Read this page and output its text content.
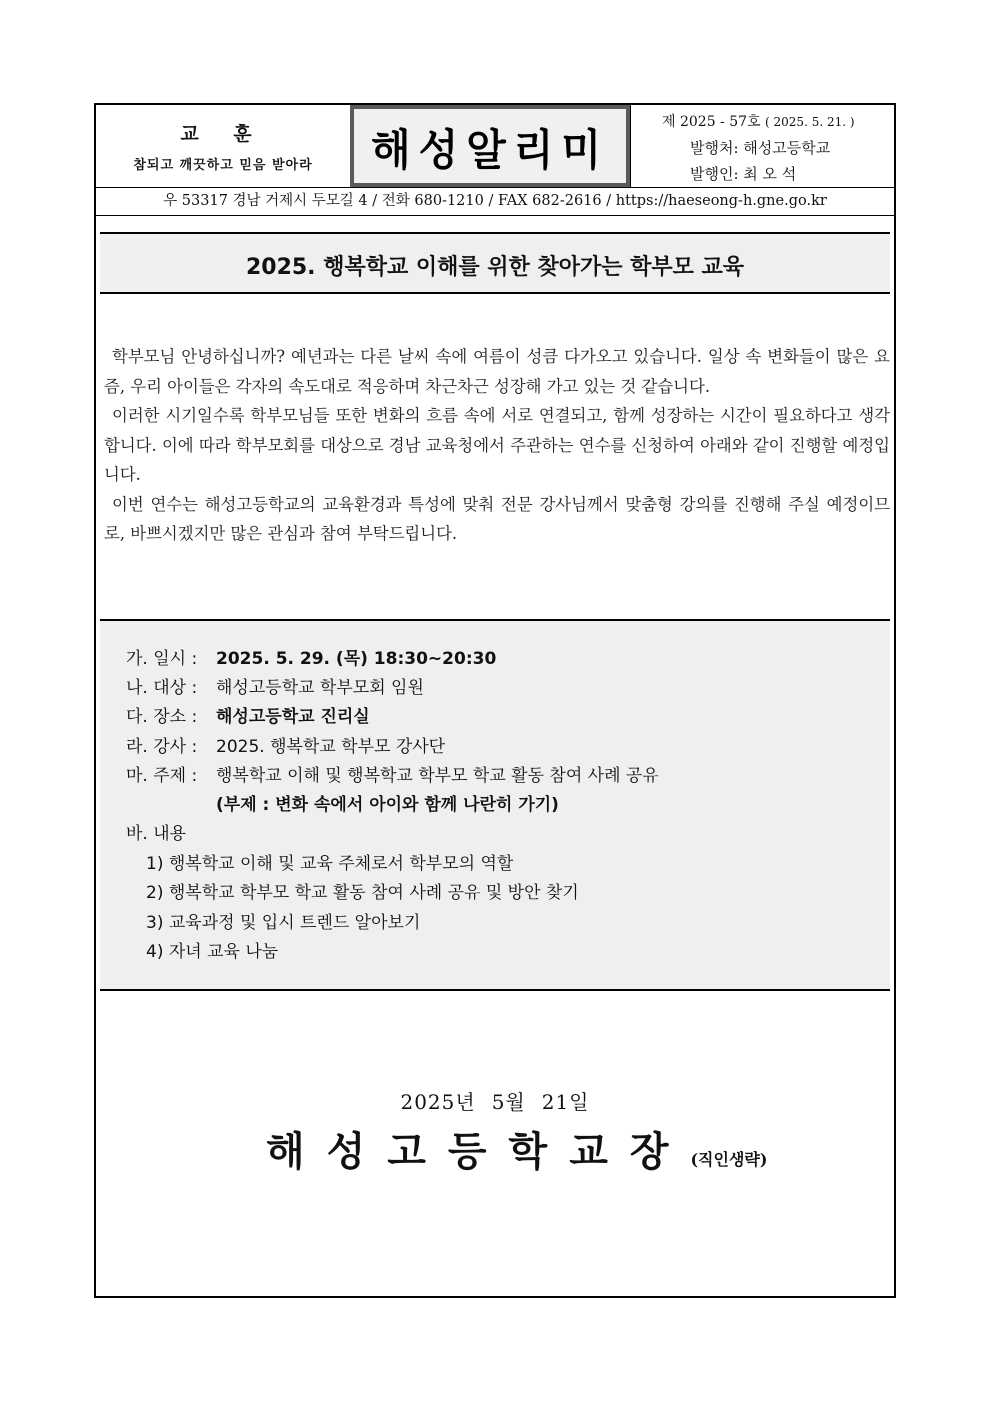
교 훈
참되고 깨끗하고 믿음 받아라	해성알리미
제 2025 - 57호 ( 2025. 5. 21. )
발행처: 해성고등학교
발행인: 최 오 석
우 53317 경남 거제시 두모길 4 / 전화 680-1210 / FAX 682-2616 / https://haeseong-h.gne.go.kr
2025. 행복학교 이해를 위한 찾아가는 학부모 교육

학부모님 안녕하십니까? 예년과는 다른 날씨 속에 여름이 성큼 다가오고 있습니다. 일상 속 변화들이 많은 요즘, 우리 아이들은 각자의 속도대로 적응하며 차근차근 성장해 가고 있는 것 같습니다.

이러한 시기일수록 학부모님들 또한 변화의 흐름 속에 서로 연결되고, 함께 성장하는 시간이 필요하다고 생각합니다. 이에 따라 학부모회를 대상으로 경남 교육청에서 주관하는 연수를 신청하여 아래와 같이 진행할 예정입니다.

이번 연수는 해성고등학교의 교육환경과 특성에 맞춰 전문 강사님께서 맞춤형 강의를 진행해 주실 예정이므로, 바쁘시겠지만 많은 관심과 참여 부탁드립니다.

가. 일시 : 2025. 5. 29. (목) 18:30~20:30
나. 대상 : 해성고등학교 학부모회 임원
다. 장소 : 해성고등학교 진리실
라. 강사 : 2025. 행복학교 학부모 강사단
마. 주제 : 행복학교 이해 및 행복학교 학부모 학교 활동 참여 사례 공유
(부제 : 변화 속에서 아이와 함께 나란히 가기)
바. 내용
1) 행복학교 이해 및 교육 주체로서 학부모의 역할
2) 행복학교 학부모 학교 활동 참여 사례 공유 및 방안 찾기
3) 교육과정 및 입시 트렌드 알아보기
4) 자녀 교육 나눔
2025년 5월 21일
해성고등학교장(직인생략)
